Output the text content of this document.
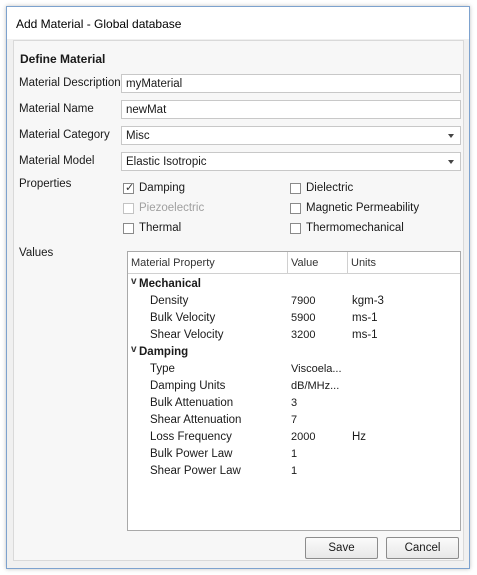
Add Material - Global database
Define Material
Material Description myMaterial
Material Name	newMat
Material Category	Misc
Material Model	Elastic Isotropic
Properties	✓ Damping	Dielectric
Piezoelectric	Magnetic Permeability
Thermal	Thermomechanical
Values
Material Property	Value	Units
v Mechanical
Density	7900	kgm-3
Bulk Velocity	5900	ms-1
Shear Velocity	3200	ms-1
v Damping
Type	Viscoela...
Damping Units	dB/MHz...
Bulk Attenuation	3
Shear Attenuation	7
Loss Frequency	2000	Hz
Bulk Power Law	1
Shear Power Law	1
Save	Cancel
